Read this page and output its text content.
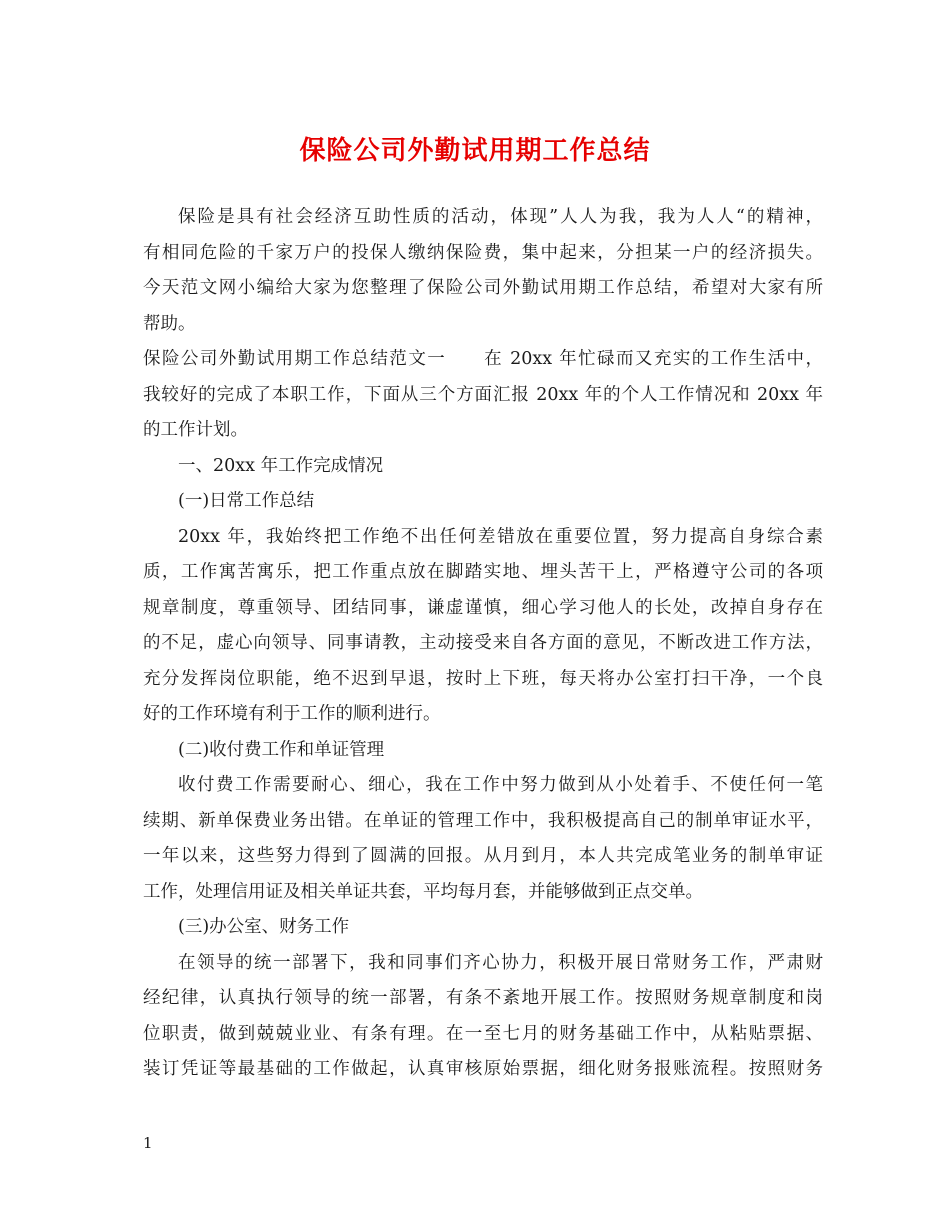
保险公司外勤试用期工作总结
保险是具有社会经济互助性质的活动，体现”人人为我，我为人人“的精神，
有相同危险的千家万户的投保人缴纳保险费，集中起来，分担某一户的经济损失。
今天范文网小编给大家为您整理了保险公司外勤试用期工作总结，希望对大家有所
帮助。
保险公司外勤试用期工作总结范文一　　在 20xx 年忙碌而又充实的工作生活中，
我较好的完成了本职工作，下面从三个方面汇报 20xx 年的个人工作情况和 20xx 年
的工作计划。
一、20xx 年工作完成情况
(一)日常工作总结
20xx 年，我始终把工作绝不出任何差错放在重要位置，努力提高自身综合素
质，工作寓苦寓乐，把工作重点放在脚踏实地、埋头苦干上，严格遵守公司的各项
规章制度，尊重领导、团结同事，谦虚谨慎，细心学习他人的长处，改掉自身存在
的不足，虚心向领导、同事请教，主动接受来自各方面的意见，不断改进工作方法，
充分发挥岗位职能，绝不迟到早退，按时上下班，每天将办公室打扫干净，一个良
好的工作环境有利于工作的顺利进行。
(二)收付费工作和单证管理
收付费工作需要耐心、细心，我在工作中努力做到从小处着手、不使任何一笔
续期、新单保费业务出错。在单证的管理工作中，我积极提高自己的制单审证水平，
一年以来，这些努力得到了圆满的回报。从月到月，本人共完成笔业务的制单审证
工作，处理信用证及相关单证共套，平均每月套，并能够做到正点交单。
(三)办公室、财务工作
在领导的统一部署下，我和同事们齐心协力，积极开展日常财务工作，严肃财
经纪律，认真执行领导的统一部署，有条不紊地开展工作。按照财务规章制度和岗
位职责，做到兢兢业业、有条有理。在一至七月的财务基础工作中，从粘贴票据、
装订凭证等最基础的工作做起，认真审核原始票据，细化财务报账流程。按照财务
1
